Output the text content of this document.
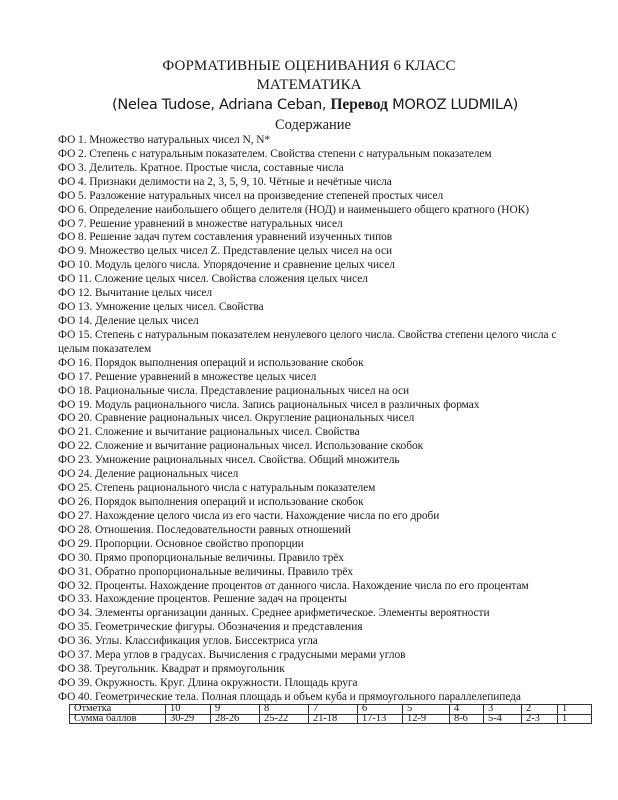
ФОРМАТИВНЫЕ ОЦЕНИВАНИЯ 6 КЛАСС
МАТЕМАТИКА
(Nelea Tudose, Adriana Ceban, Перевод MOROZ LUDMILA)
Содержание
ФО 1. Множество натуральных чисел N, N*
ФО 2. Степень с натуральным показателем. Свойства степени с натуральным показателем
ФО 3. Делитель. Кратное. Простые числа, составные числа
ФО 4. Признаки делимости на 2, 3, 5, 9, 10. Чётные и нечётные числа
ФО 5. Разложение натуральных чисел на произведение степеней простых чисел
ФО 6. Определение наибольшего общего делителя (НОД) и наименьшего общего кратного (НОК)
ФО 7. Решение уравнений в множестве натуральных чисел
ФО 8. Решение задач путем составления уравнений изученных типов
ФО 9. Множество целых чисел Z. Представление целых чисел на оси
ФО 10. Модуль целого числа. Упорядочение и сравнение целых чисел
ФО 11. Сложение целых чисел. Свойства сложения целых чисел
ФО 12. Вычитание целых чисел
ФО 13. Умножение целых чисел. Свойства
ФО 14. Деление целых чисел
ФО 15. Степень с натуральным показателем ненулевого целого числа. Свойства степени целого числа с целым показателем
ФО 16. Порядок выполнения операций и использование скобок
ФО 17. Решение уравнений в множестве целых чисел
ФО 18. Рациональные числа. Представление рациональных чисел на оси
ФО 19. Модуль рационального числа. Запись рациональных чисел в различных формах
ФО 20. Сравнение рациональных чисел. Округление рациональных чисел
ФО 21. Сложение и вычитание рациональных чисел. Свойства
ФО 22. Сложение и вычитание рациональных чисел. Использование скобок
ФО 23. Умножение рациональных чисел. Свойства. Общий множитель
ФО 24. Деление рациональных чисел
ФО 25. Степень рационального числа с натуральным показателем
ФО 26. Порядок выполнения операций и использование скобок
ФО 27. Нахождение целого числа из его части. Нахождение числа по его дроби
ФО 28. Отношения. Последовательности равных отношений
ФО 29. Пропорции. Основное свойство пропорции
ФО 30. Прямо пропорциональные величины. Правило трёх
ФО 31. Обратно пропорциональные величины. Правило трёх
ФО 32. Проценты. Нахождение процентов от данного числа. Нахождение числа по его процентам
ФО 33. Нахождение процентов. Решение задач на проценты
ФО 34. Элементы организации данных. Среднее арифметическое. Элементы вероятности
ФО 35. Геометрические фигуры. Обозначения и представления
ФО 36. Углы. Классификация углов. Биссектриса угла
ФО 37. Мера углов в градусах. Вычисления с градусными мерами углов
ФО 38. Треугольник. Квадрат и прямоугольник
ФО 39. Окружность. Круг. Длина окружности. Площадь круга
ФО 40. Геометрические тела. Полная площадь и объем куба и прямоугольного параллелепипеда
Отметка	10	9	8	7	6	5	4	3	2	1
Сумма баллов	30-29	28-26	25-22	21-18	17-13	12-9	8-6	5-4	2-3	1
